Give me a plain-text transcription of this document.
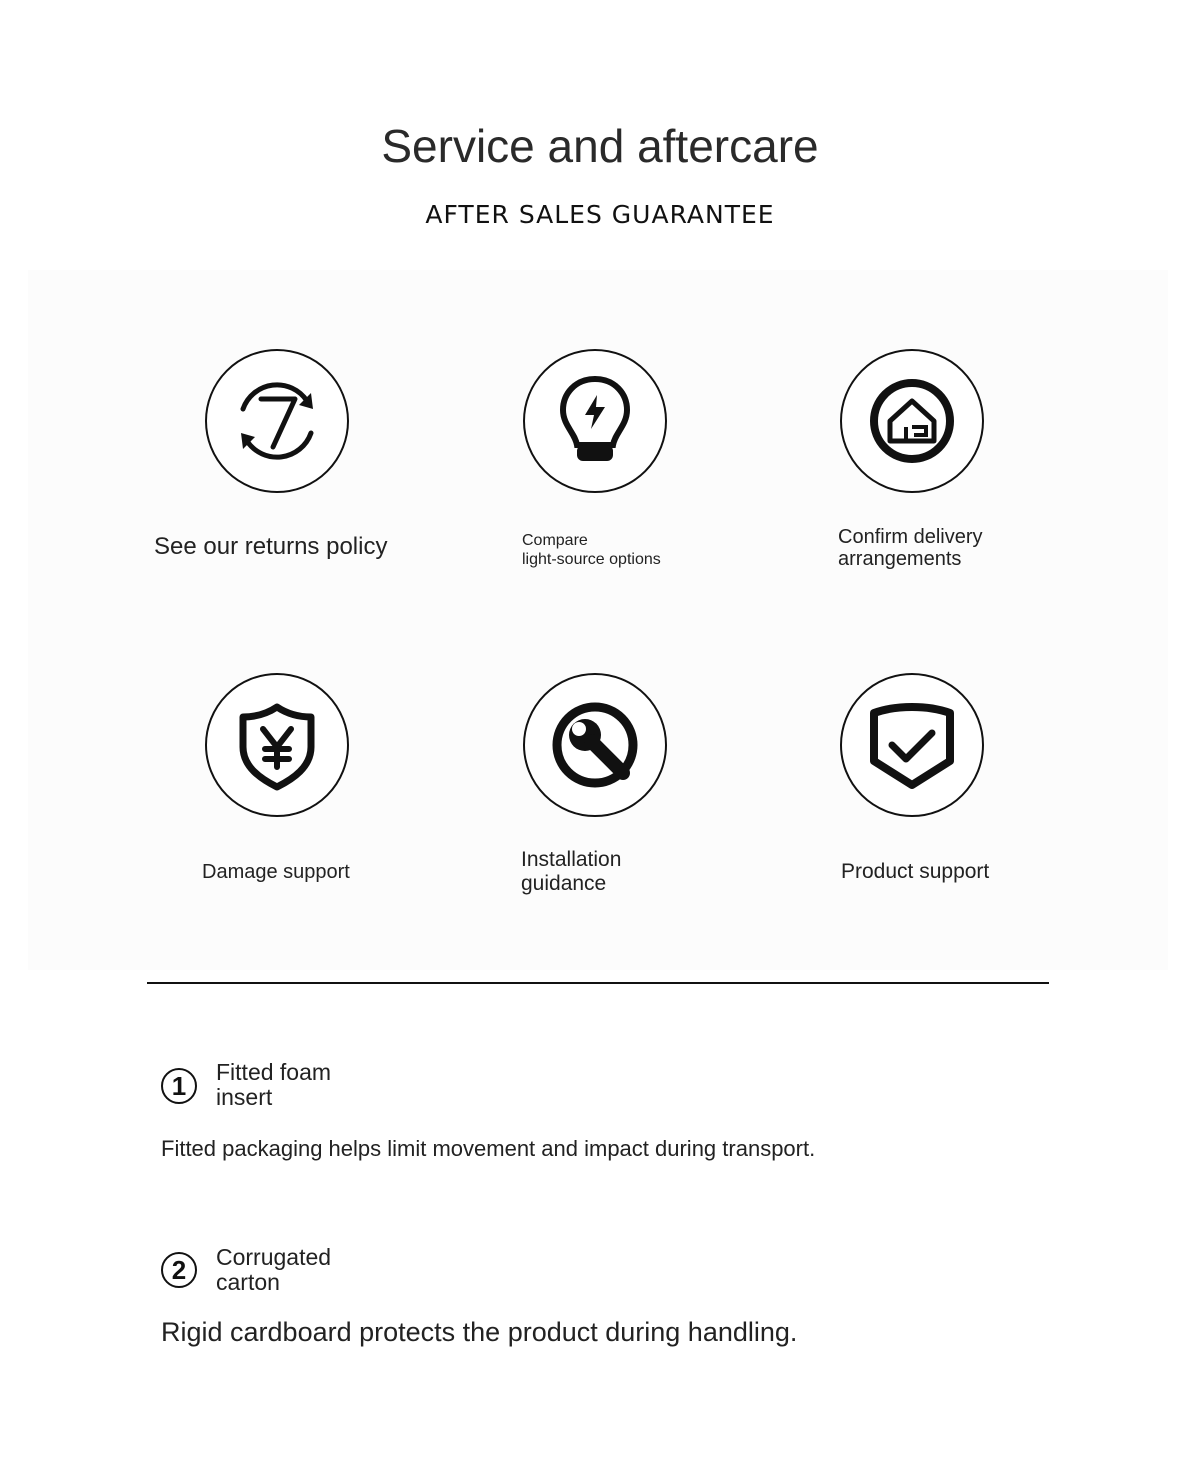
Service and aftercare
AFTER SALES GUARANTEE
See our returns policy	Compare
light-source options
Confirm delivery
arrangements
Damage support
Installation
guidance
Product support
1	Fitted foam
insert
Fitted packaging helps limit movement and impact during transport.
2	Corrugated
carton
Rigid cardboard protects the product during handling.
